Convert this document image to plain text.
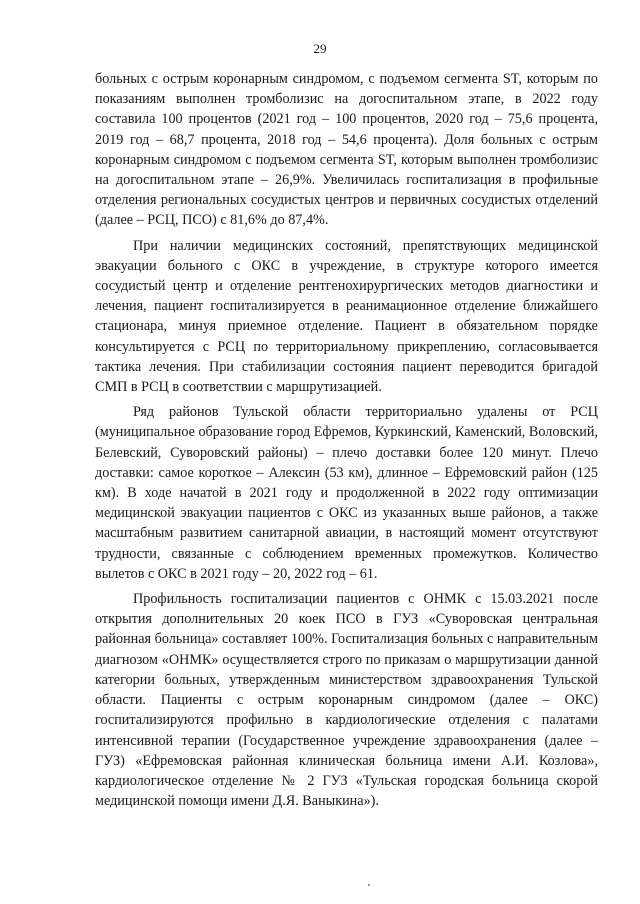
29

больных с острым коронарным синдромом, с подъемом сегмента ST, которым по показаниям выполнен тромболизис на догоспитальном этапе, в 2022 году составила 100 процентов (2021 год – 100 процентов, 2020 год – 75,6 процента, 2019 год – 68,7 процента, 2018 год – 54,6 процента). Доля больных с острым коронарным синдромом с подъемом сегмента ST, которым выполнен тромболизис на догоспитальном этапе – 26,9%. Увеличилась госпитализация в профильные отделения региональных сосудистых центров и первичных сосудистых отделений (далее – РСЦ, ПСО) с 81,6% до 87,4%.

При наличии медицинских состояний, препятствующих медицинской эвакуации больного с ОКС в учреждение, в структуре которого имеется сосудистый центр и отделение рентгенохирургических методов диагностики и лечения, пациент госпитализируется в реанимационное отделение ближайшего стационара, минуя приемное отделение. Пациент в обязательном порядке консультируется с РСЦ по территориальному прикреплению, согласовывается тактика лечения. При стабилизации состояния пациент переводится бригадой СМП в РСЦ в соответствии с маршрутизацией.

Ряд районов Тульской области территориально удалены от РСЦ (муниципальное образование город Ефремов, Куркинский, Каменский, Воловский, Белевский, Суворовский районы) – плечо доставки более 120 минут. Плечо доставки: самое короткое – Алексин (53 км), длинное – Ефремовский район (125 км). В ходе начатой в 2021 году и продолженной в 2022 году оптимизации медицинской эвакуации пациентов с ОКС из указанных выше районов, а также масштабным развитием санитарной авиации, в настоящий момент отсутствуют трудности, связанные с соблюдением временных промежутков. Количество вылетов с ОКС в 2021 году – 20, 2022 год – 61.

Профильность госпитализации пациентов с ОНМК с 15.03.2021 после открытия дополнительных 20 коек ПСО в ГУЗ «Суворовская центральная районная больница» составляет 100%. Госпитализация больных с направительным диагнозом «ОНМК» осуществляется строго по приказам о маршрутизации данной категории больных, утвержденным министерством здравоохранения Тульской области. Пациенты с острым коронарным синдромом (далее – ОКС) госпитализируются профильно в кардиологические отделения с палатами интенсивной терапии (Государственное учреждение здравоохранения (далее – ГУЗ) «Ефремовская районная клиническая больница имени А.И. Козлова», кардиологическое отделение № 2 ГУЗ «Тульская городская больница скорой медицинской помощи имени Д.Я. Ваныкина»).
